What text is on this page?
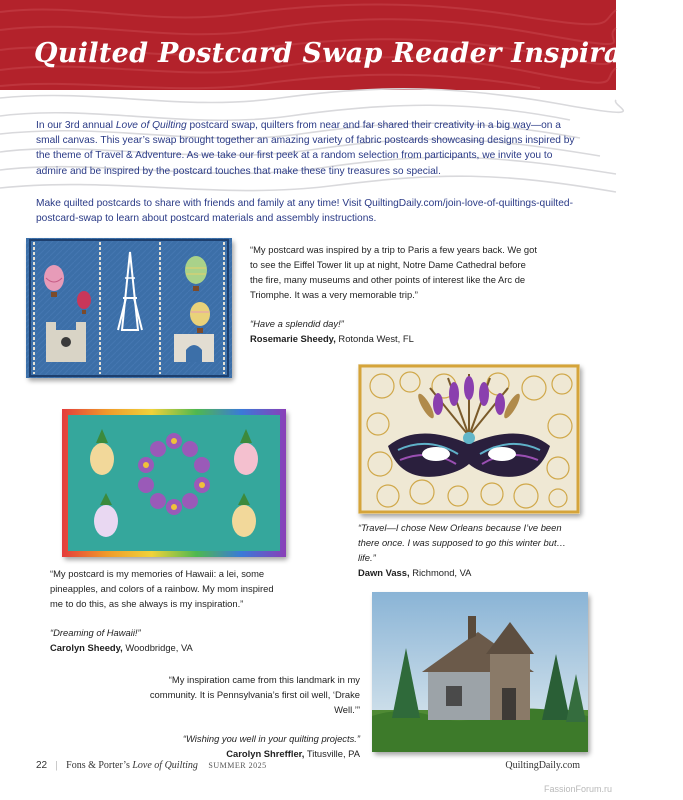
Quilted Postcard Swap Reader Inspiration

In our 3rd annual Love of Quilting postcard swap, quilters from near and far shared their creativity in a big way—on a small canvas. This year’s swap brought together an amazing variety of fabric postcards showcasing designs inspired by the theme of Travel & Adventure. As we take our first peek at a random selection from participants, we invite you to admire and be inspired by the postcard touches that make these tiny treasures so special.

Make quilted postcards to share with friends and family at any time! Visit QuiltingDaily.com/join-love-of-quiltings-quilted-postcard-swap to learn about postcard materials and assembly instructions.

“My postcard was inspired by a trip to Paris a few years back. We got to see the Eiffel Tower lit up at night, Notre Dame Cathedral before the fire, many museums and other points of interest like the Arc de Triomphe. It was a very memorable trip.”

“Have a splendid day!”

Rosemarie Sheedy, Rotonda West, FL

“Travel—I chose New Orleans because I’ve been there once. I was supposed to go this winter but…life.”

Dawn Vass, Richmond, VA

“My postcard is my memories of Hawaii: a lei, some pineapples, and colors of a rainbow. My mom inspired me to do this, as she always is my inspiration.”

“Dreaming of Hawaii!”

Carolyn Sheedy, Woodbridge, VA

“My inspiration came from this landmark in my community. It is Pennsylvania’s first oil well, ‘Drake Well.’”

“Wishing you well in your quilting projects.”

Carolyn Shreffler, Titusville, PA

22 | Fons & Porter’s Love of Quilting SUMMER 2025	QuiltingDaily.com
FassionForum.ru
